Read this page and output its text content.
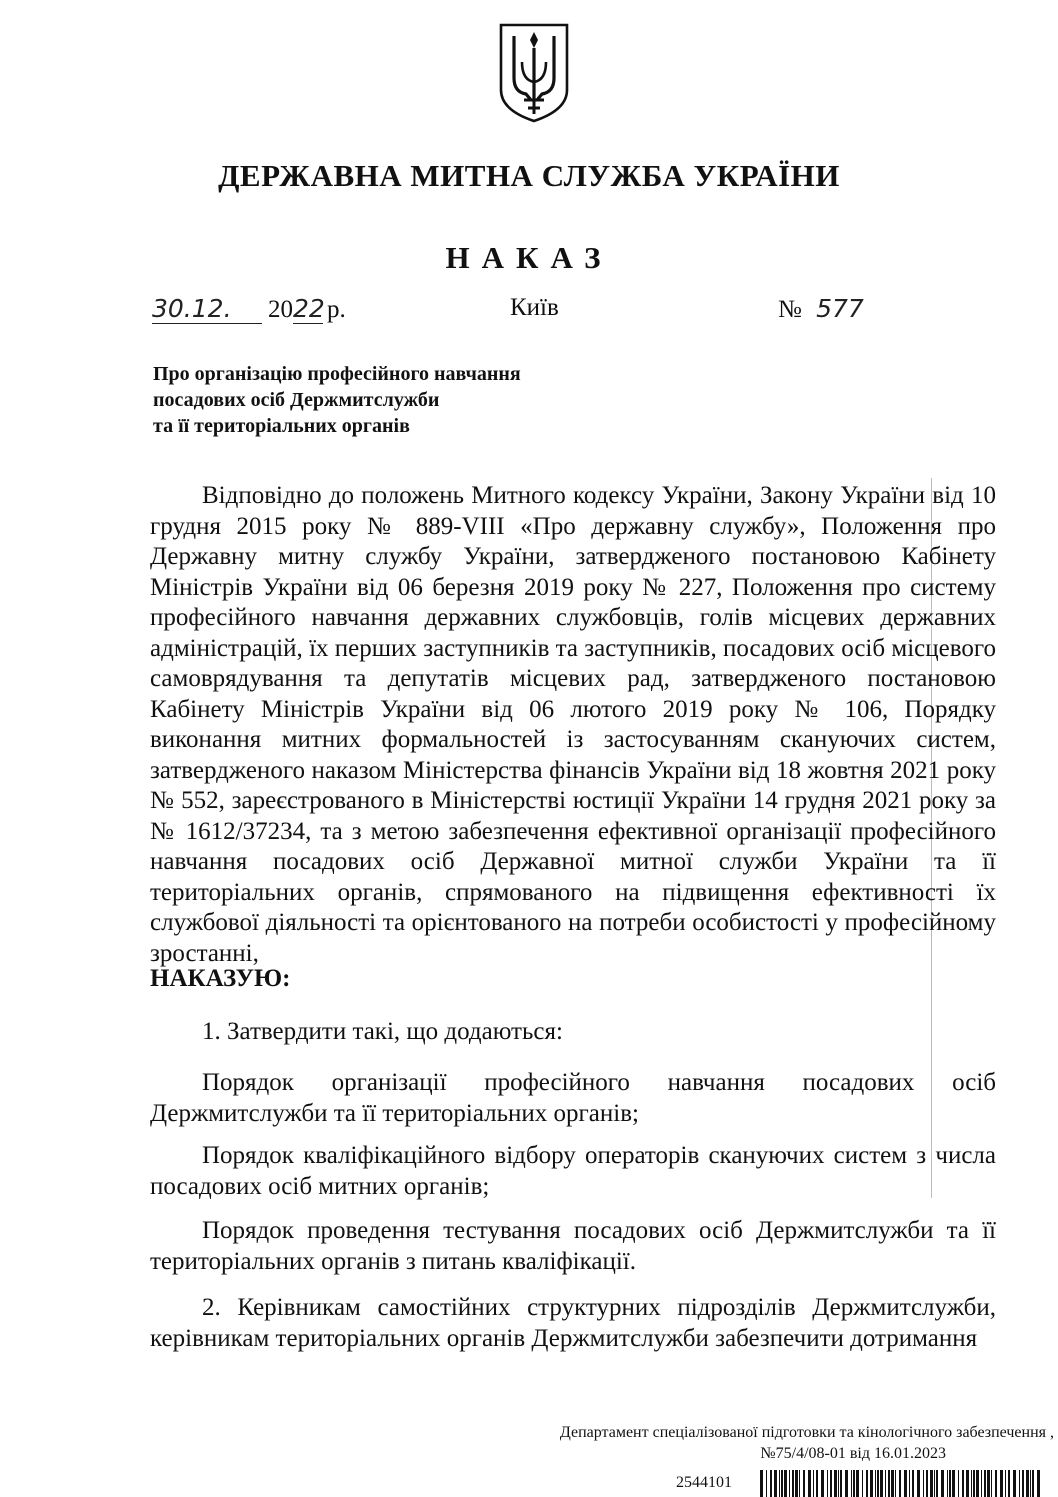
ДЕРЖАВНА МИТНА СЛУЖБА УКРАЇНИ
НАКАЗ
30.12. 2022р.	Київ	№ 577
Про організацію професійного навчання
посадових осіб Держмитслужби
та її територіальних органів
Відповідно до положень Митного кодексу України, Закону України від 10 грудня 2015 року № 889-VIII «Про державну службу», Положення про Державну митну службу України, затвердженого постановою Кабінету Міністрів України від 06 березня 2019 року № 227, Положення про систему професійного навчання державних службовців, голів місцевих державних адміністрацій, їх перших заступників та заступників, посадових осіб місцевого самоврядування та депутатів місцевих рад, затвердженого постановою Кабінету Міністрів України від 06 лютого 2019 року № 106, Порядку виконання митних формальностей із застосуванням скануючих систем, затвердженого наказом Міністерства фінансів України від 18 жовтня 2021 року № 552, зареєстрованого в Міністерстві юстиції України 14 грудня 2021 року за № 1612/37234, та з метою забезпечення ефективної організації професійного навчання посадових осіб Державної митної служби України та її територіальних органів, спрямованого на підвищення ефективності їх службової діяльності та орієнтованого на потреби особистості у професійному зростанні,
НАКАЗУЮ:
1. Затвердити такі, що додаються:
Порядок організації професійного навчання посадових осіб Держмитслужби та її територіальних органів;
Порядок кваліфікаційного відбору операторів скануючих систем з числа посадових осіб митних органів;
Порядок проведення тестування посадових осіб Держмитслужби та її територіальних органів з питань кваліфікації.
2. Керівникам самостійних структурних підрозділів Держмитслужби, керівникам територіальних органів Держмитслужби забезпечити дотримання
Департамент спеціалізованої підготовки та кінологічного забезпечення ,
№75/4/08-01 від 16.01.2023
2544101
